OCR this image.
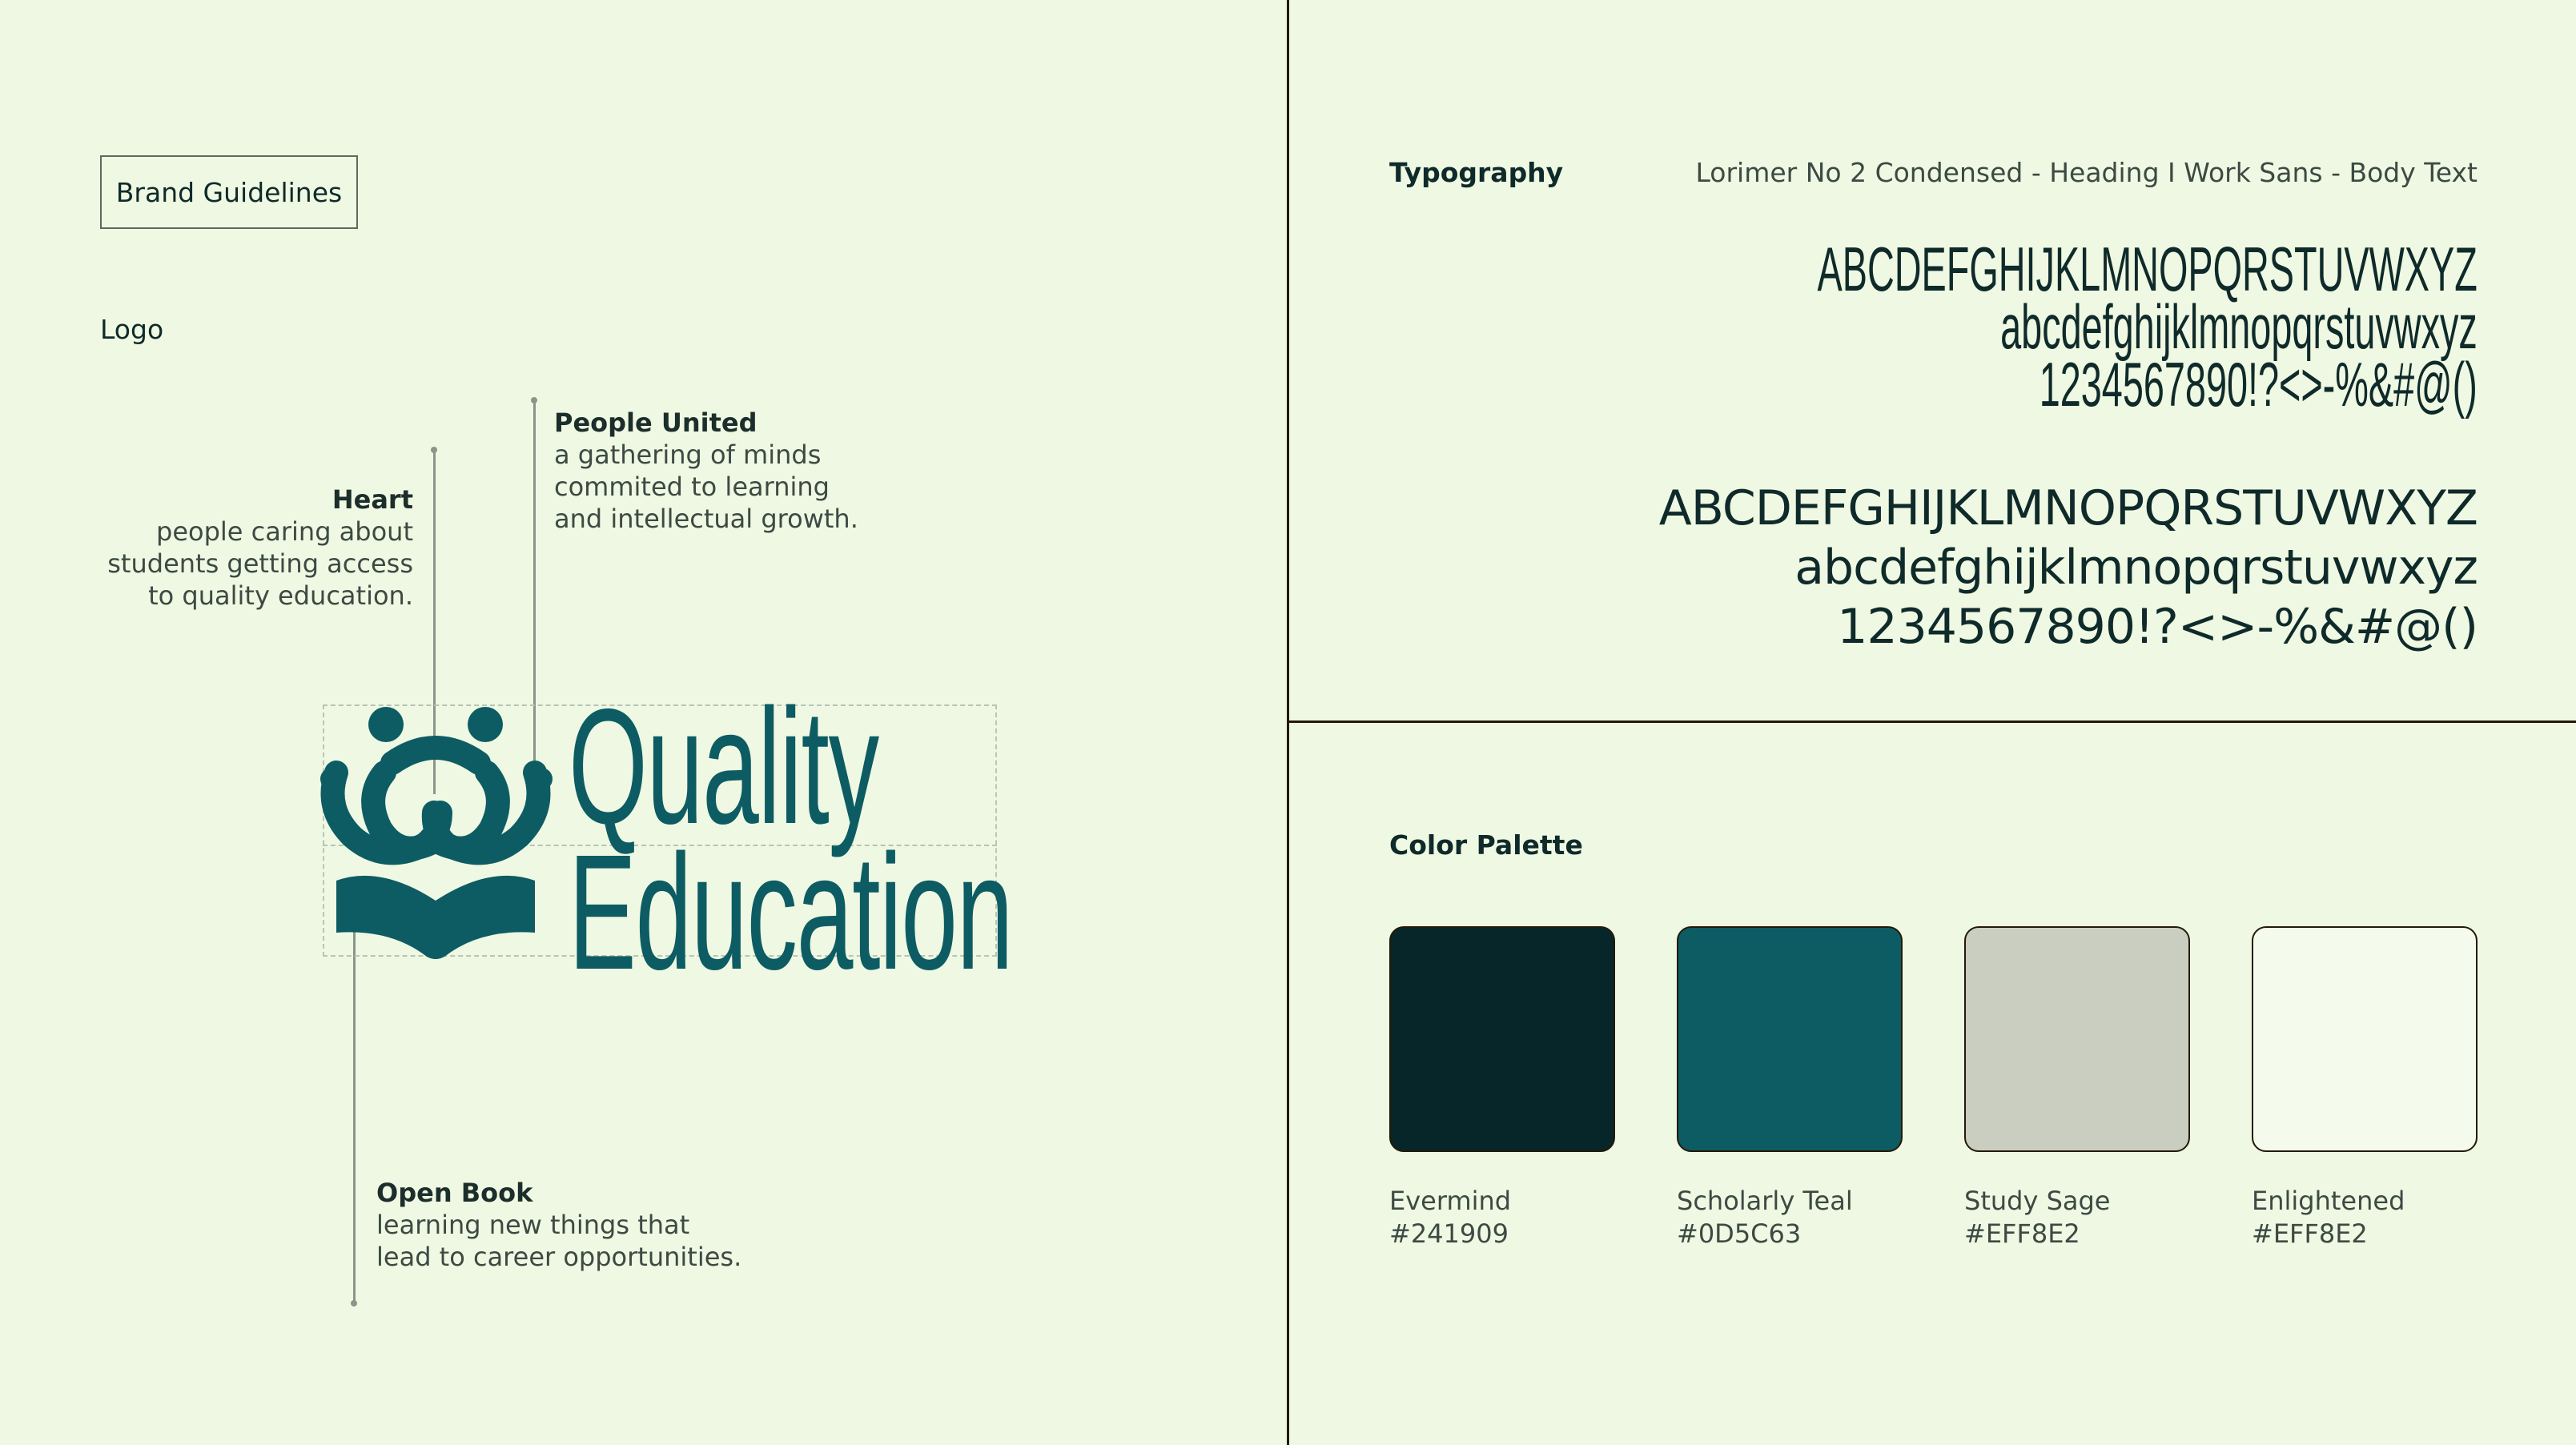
Brand Guidelines
Logo
Heart
people caring about
students getting access
to quality education.
People United
a gathering of minds
commited to learning
and intellectual growth.
Open Book
learning new things that
lead to career opportunities.
Quality
Education
Typography	Lorimer No 2 Condensed - Heading I Work Sans - Body Text
ABCDEFGHIJKLMNOPQRSTUVWXYZ
abcdefghijklmnopqrstuvwxyz
1234567890!?<>-%&#@()
ABCDEFGHIJKLMNOPQRSTUVWXYZ
abcdefghijklmnopqrstuvwxyz
1234567890!?<>-%&#@()
Color Palette
Evermind
#241909
Scholarly Teal
#0D5C63
Study Sage
#EFF8E2
Enlightened
#EFF8E2
